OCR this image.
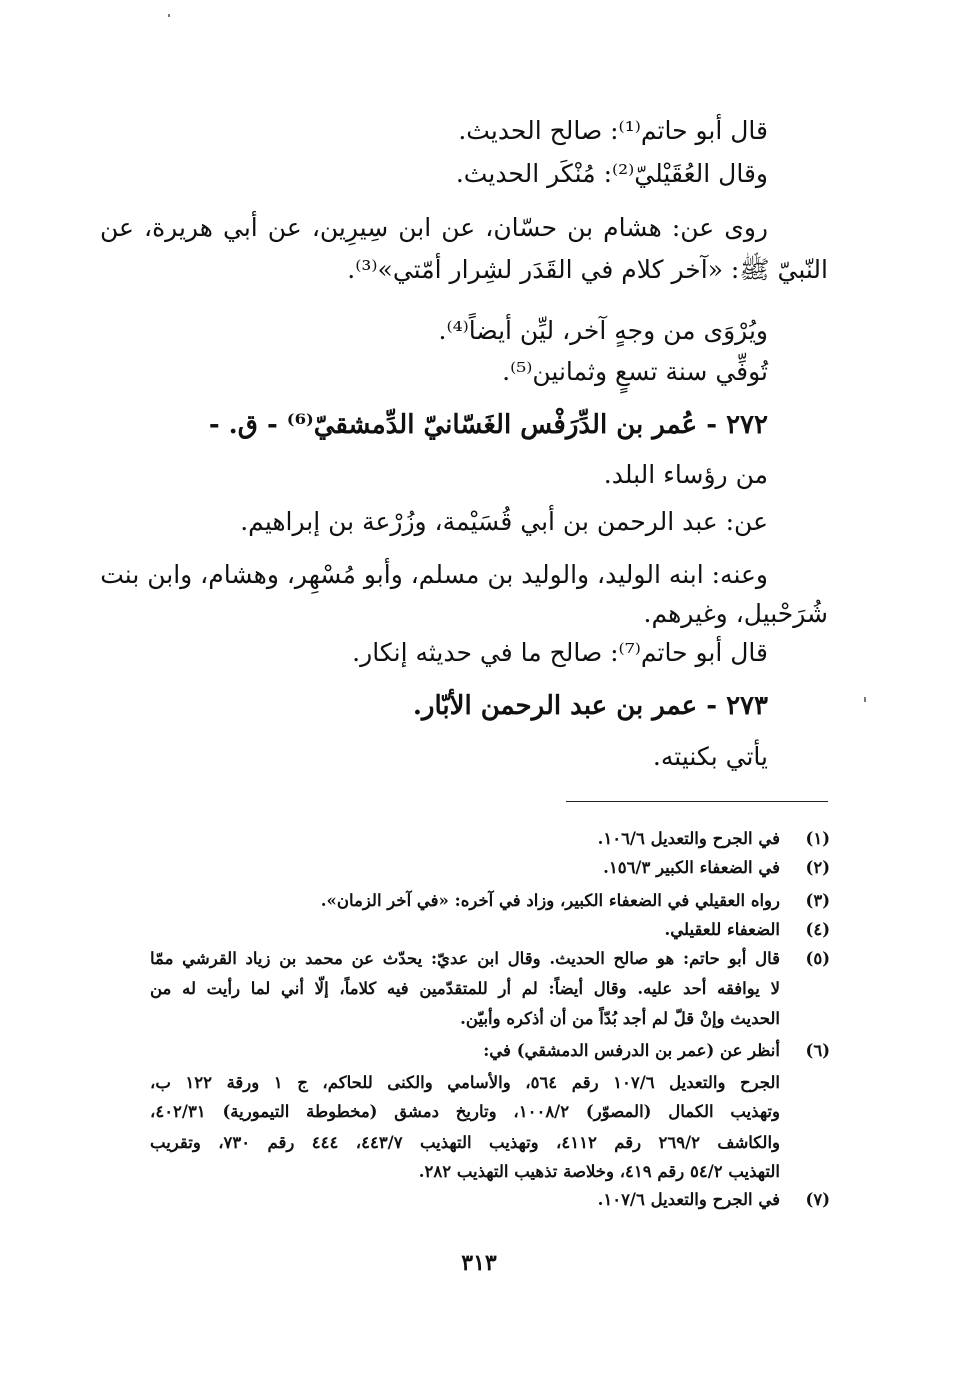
قال أبو حاتم⁽¹⁾: صالح الحديث.
وقال العُقَيْليّ⁽²⁾: مُنْكَر الحديث.
روى عن: هشام بن حسّان، عن ابن سِيرِين، عن أبي هريرة، عن
النّبيّ ﷺ: «آخر كلام في القَدَر لشِرار أمّتي»⁽³⁾.
ويُرْوَى من وجهٍ آخر، ليِّن أيضاً⁽⁴⁾.
تُوفِّي سنة تسعٍ وثمانين⁽⁵⁾.
٢٧٢ - عُمر بن الدِّرَفْس الغَسّانيّ الدِّمشقيّ⁽⁶⁾ - ق. -
من رؤساء البلد.
عن: عبد الرحمن بن أبي قُسَيْمة، وزُرْعة بن إبراهيم.
وعنه: ابنه الوليد، والوليد بن مسلم، وأبو مُسْهِر، وهشام، وابن بنت
شُرَحْبيل، وغيرهم.
قال أبو حاتم⁽⁷⁾: صالح ما في حديثه إنكار.
٢٧٣ - عمر بن عبد الرحمن الأبّار.
يأتي بكنيته.
(١)
في الجرح والتعديل ١٠٦/٦.
(٢)
في الضعفاء الكبير ١٥٦/٣.
(٣)
رواه العقيلي في الضعفاء الكبير، وزاد في آخره: «في آخر الزمان».
(٤)
الضعفاء للعقيلي.
(٥)
قال أبو حاتم: هو صالح الحديث. وقال ابن عديّ: يحدّث عن محمد بن زياد القرشي ممّا
لا يوافقه أحد عليه. وقال أيضاً: لم أر للمتقدّمين فيه كلاماً، إلّا أني لما رأيت له من
الحديث وإنْ قلّ لم أجد بُدّاً من أن أذكره وأبيّن.
(٦)
أنظر عن (عمر بن الدرفس الدمشقي) في:
الجرح والتعديل ١٠٧/٦ رقم ٥٦٤، والأسامي والكنى للحاكم، ج ١ ورقة ١٢٢ ب،
وتهذيب الكمال (المصوّر) ١٠٠٨/٢، وتاريخ دمشق (مخطوطة التيمورية) ٤٠٢/٣١،
والكاشف ٢٦٩/٢ رقم ٤١١٢، وتهذيب التهذيب ٤٤٣/٧، ٤٤٤ رقم ٧٣٠، وتقريب
التهذيب ٥٤/٢ رقم ٤١٩، وخلاصة تذهيب التهذيب ٢٨٢.
(٧)
في الجرح والتعديل ١٠٧/٦.
٣١٣
